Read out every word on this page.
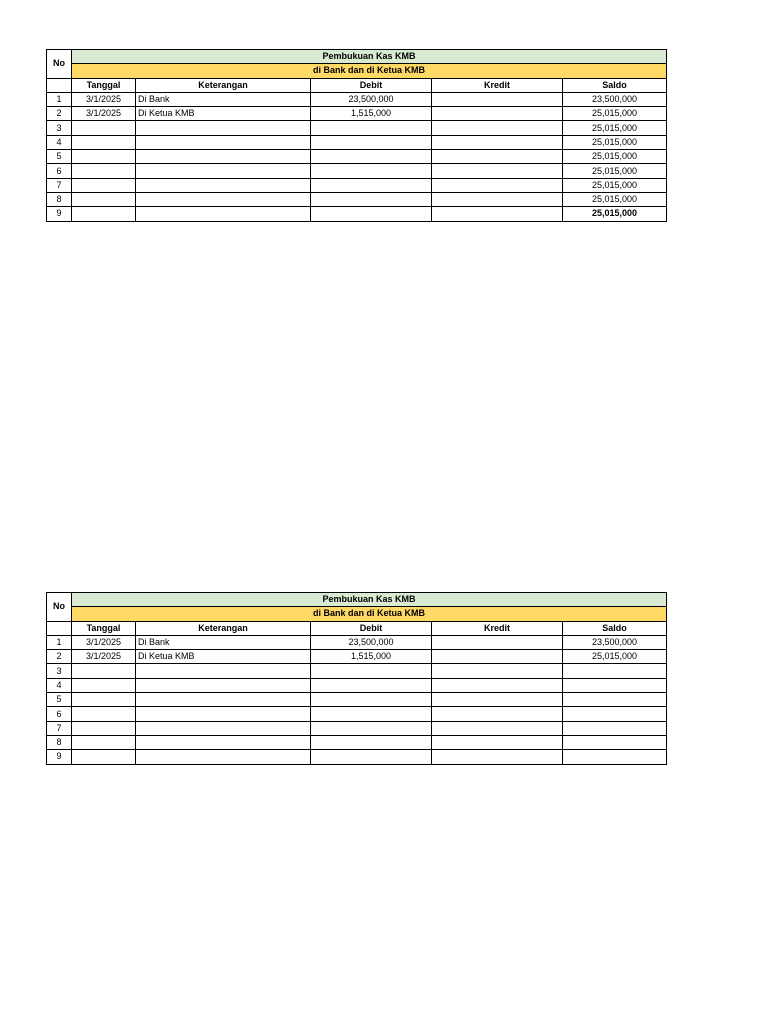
No	Pembukuan Kas KMB				
	di Bank dan di Ketua KMB				
	Tanggal	Keterangan	Debit	Kredit	Saldo
1	3/1/2025	Di Bank	23,500,000		23,500,000
2	3/1/2025	Di Ketua KMB	1,515,000		25,015,000
3					25,015,000
4					25,015,000
5					25,015,000
6					25,015,000
7					25,015,000
8					25,015,000
9					25,015,000
No	Pembukuan Kas KMB				
	di Bank dan di Ketua KMB				
	Tanggal	Keterangan	Debit	Kredit	Saldo
1	3/1/2025	Di Bank	23,500,000		23,500,000
2	3/1/2025	Di Ketua KMB	1,515,000		25,015,000
3					
4					
5					
6					
7					
8					
9					
